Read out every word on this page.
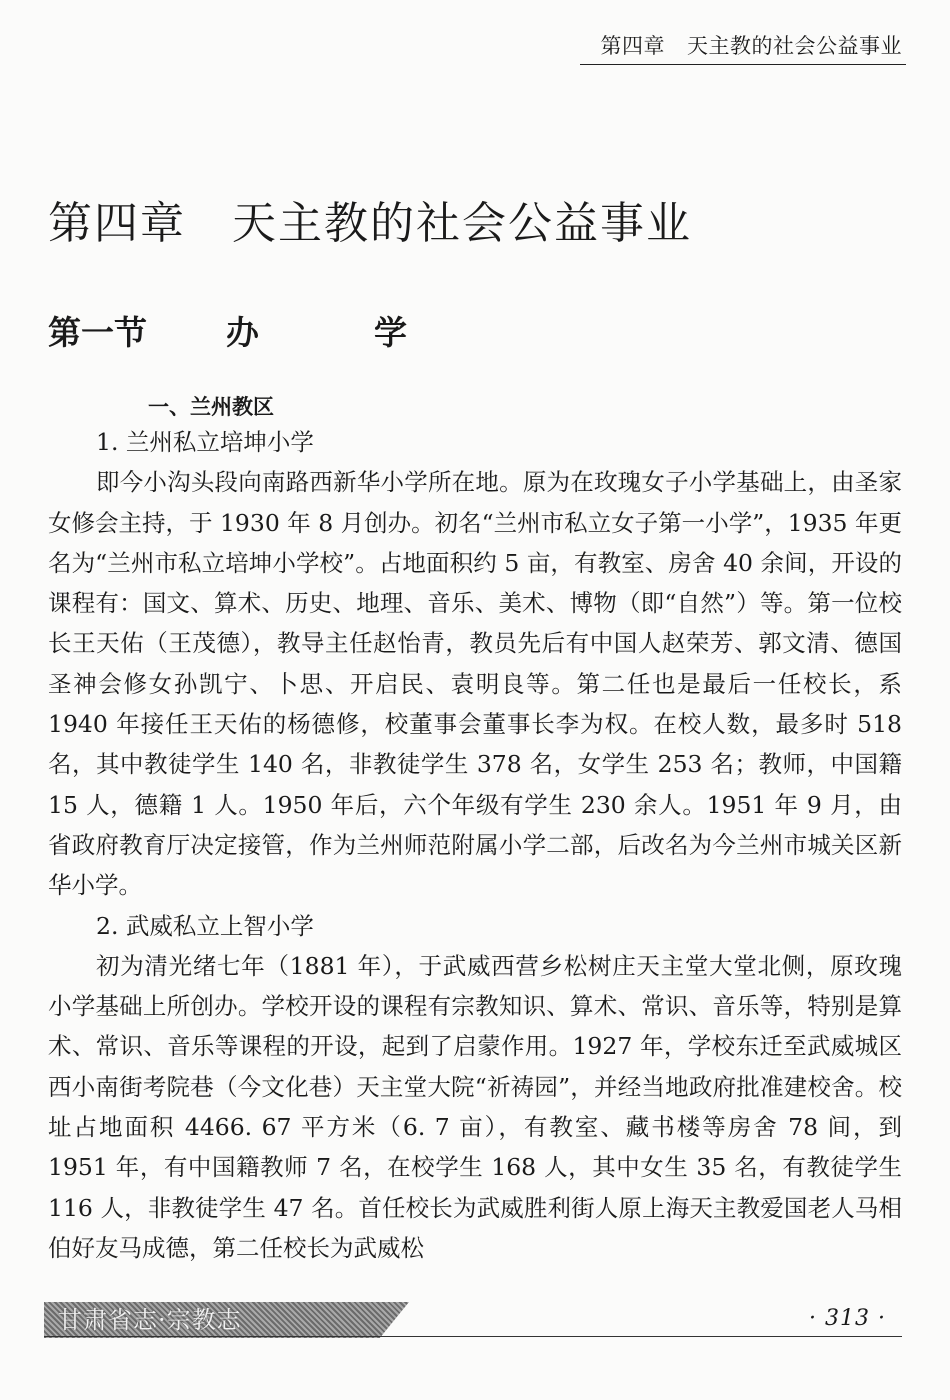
第四章 天主教的社会公益事业
第四章 天主教的社会公益事业
第一节 办	学
一、兰州教区
1. 兰州私立培坤小学

即今小沟头段向南路西新华小学所在地。原为在玫瑰女子小学基础上，由圣家女修会主持，于 1930 年 8 月创办。初名“兰州市私立女子第一小学”，1935 年更名为“兰州市私立培坤小学校”。占地面积约 5 亩，有教室、房舍 40 余间，开设的课程有：国文、算术、历史、地理、音乐、美术、博物（即“自然”）等。第一位校长王天佑（王茂德），教导主任赵怡青，教员先后有中国人赵荣芳、郭文清、德国圣神会修女孙凯宁、卜思、开启民、袁明良等。第二任也是最后一任校长，系 1940 年接任王天佑的杨德修，校董事会董事长李为权。在校人数，最多时 518 名，其中教徒学生 140 名，非教徒学生 378 名，女学生 253 名；教师，中国籍 15 人，德籍 1 人。1950 年后，六个年级有学生 230 余人。1951 年 9 月，由省政府教育厅决定接管，作为兰州师范附属小学二部，后改名为今兰州市城关区新华小学。

2. 武威私立上智小学

初为清光绪七年（1881 年），于武威西营乡松树庄天主堂大堂北侧，原玫瑰小学基础上所创办。学校开设的课程有宗教知识、算术、常识、音乐等，特别是算术、常识、音乐等课程的开设，起到了启蒙作用。1927 年，学校东迁至武威城区西小南街考院巷（今文化巷）天主堂大院“祈祷园”，并经当地政府批准建校舍。校址占地面积 4466. 67 平方米（6. 7 亩），有教室、藏书楼等房舍 78 间，到 1951 年，有中国籍教师 7 名，在校学生 168 人，其中女生 35 名，有教徒学生 116 人，非教徒学生 47 名。首任校长为武威胜利街人原上海天主教爱国老人马相伯好友马成德，第二任校长为武威松

甘肃省志·宗教志	· 313 ·
